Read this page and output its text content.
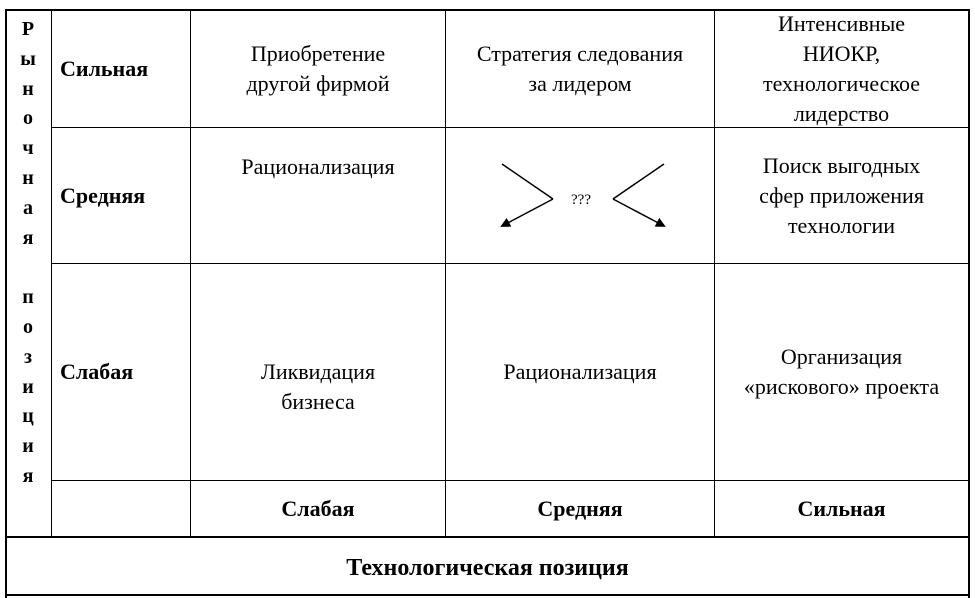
Р
ы
н
о
ч
н
а
я
п
о
з
и
ц
и
я
Сильная
Средняя
Слабая
Приобретение
другой фирмой
Стратегия следования
за лидером
Интенсивные
НИОКР,
технологическое
лидерство
Рационализация
???
Поиск выгодных
сфер приложения
технологии
Ликвидация
бизнеса
Рационализация
Организация
«рискового» проекта
Слабая	Средняя	Сильная
Технологическая позиция
